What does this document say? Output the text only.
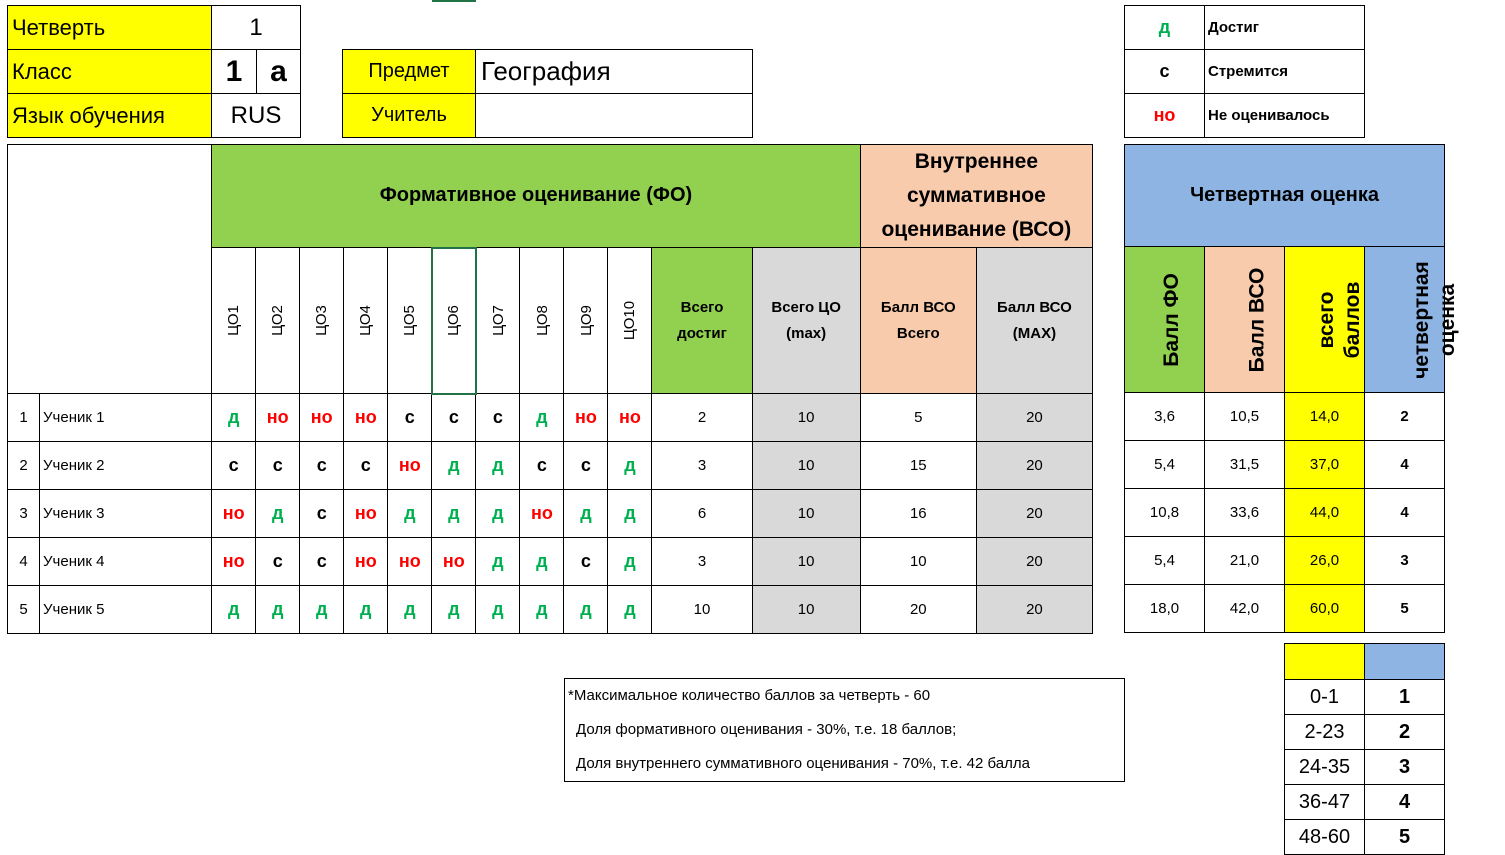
Четверть	1	
Класс	1	а
Язык обучения	RUS	
Предмет	География
Учитель	
д	Достиг
с	Стремится
но	Не оценивалось
		Формативное оценивание (ФО)												Внутреннее суммативное оценивание (ВСО)	
		ЦО1	ЦО2	ЦО3	ЦО4	ЦО5	ЦО6	ЦО7	ЦО8	ЦО9	ЦО10	Всего достиг	Всего ЦО (max)	Балл ВСО Всего	Балл ВСО (MAX)
1	Ученик 1	д	но	но	но	с	с	с	д	но	но	2	10	5	20
2	Ученик 2	с	с	с	с	но	д	д	с	с	д	3	10	15	20
3	Ученик 3	но	д	с	но	д	д	д	но	д	д	6	10	16	20
4	Ученик 4	но	с	с	но	но	но	д	д	с	д	3	10	10	20
5	Ученик 5	д	д	д	д	д	д	д	д	д	д	10	10	20	20
Четвертная оценка			
Балл ФО	Балл ВСО	всего баллов	четвертная оценка
3,6	10,5	14,0	2
5,4	31,5	37,0	4
10,8	33,6	44,0	4
5,4	21,0	26,0	3
18,0	42,0	60,0	5
*Максимальное количество баллов за четверть - 60
Доля формативного оценивания - 30%, т.е. 18 баллов;
Доля внутреннего суммативного оценивания - 70%, т.е. 42 балла

0-1	1
2-23	2
24-35	3
36-47	4
48-60	5
